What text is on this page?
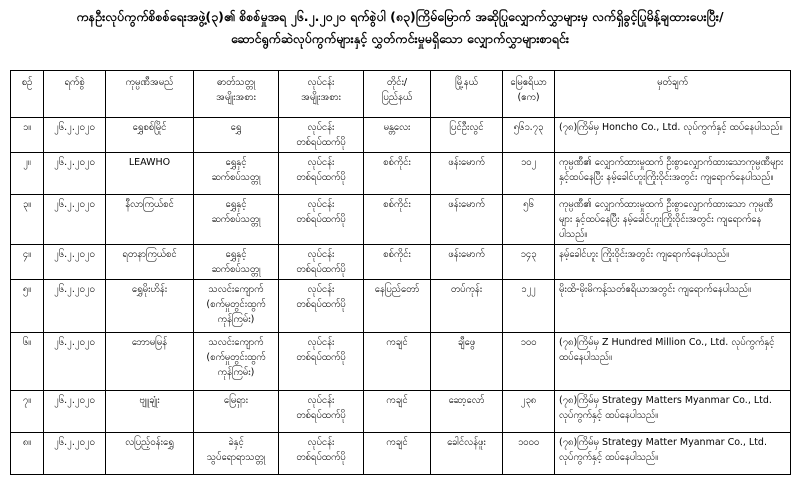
ကနဦးလုပ်ကွက်စိစစ်ရေးအဖွဲ့(၃)၏ စိစစ်မှုအရ ၂၆.၂.၂၀၂၀ ရက်စွဲပါ (၈၃)ကြိမ်မြောက် အဆိုပြုလျှောက်လွှာများမှ လက်ရှိခွင့်ပြုမိန့်ချထားပေးပြီး/
ဆောင်ရွက်ဆဲလုပ်ကွက်များနှင့် လွှတ်ကင်းမှုမရှိသော လျှောက်လွှာများစာရင်း
စဉ်	ရက်စွဲ	ကုမ္ပဏီအမည်	ဓာတ်သတ္တု
အမျိုးအစား	လုပ်ငန်း
အမျိုးအစား	တိုင်း/
ပြည်နယ်	မြို့နယ်	မြေဧရိယာ
(ဧက)	မှတ်ချက်
၁။	၂၆.၂.၂၀၂၀	ရွှေစစ်မြိုင်	ရွှေ	လုပ်ငန်း
တစ်ရပ်ထက်ပို	မန္တလေး	ပြင်ဦးလွင်	၅၆၁.၇၃	(၇၈)ကြိမ်မှ Honcho Co., Ltd. လုပ်ကွက်နှင့် ထပ်နေပါသည်။
၂။	၂၆.၂.၂၀၂၀	LEAWHO	ရွှေနှင့်
ဆက်စပ်သတ္တု	လုပ်ငန်း
တစ်ရပ်ထက်ပို	စစ်ကိုင်း	ဖန်းမောက်	၁၀၂	ကုမ္ပဏီ၏ လျှောက်ထားမှုထက် ဦးစွာလျှောက်ထားသောကုမ္ပဏီများ နှင့်ထပ်နေပြီး နမ့်ခေါင်ဟူးကြိုးဝိုင်းအတွင်း ကျရောက်နေပါသည်။
၃။	၂၆.၂.၂၀၂၀	နီလာကြယ်စင်	ရွှေနှင့်
ဆက်စပ်သတ္တု	လုပ်ငန်း
တစ်ရပ်ထက်ပို	စစ်ကိုင်း	ဖန်းမောက်	၅၆	ကုမ္ပဏီ၏ လျှောက်ထားမှုထက် ဦးစွာလျှောက်ထားသော ကုမ္ပဏီများ နှင့်ထပ်နေပြီး နမ့်ခေါင်ဟူးကြိုးဝိုင်းအတွင်း ကျရောက်နေပါသည်။
၄။	၂၆.၂.၂၀၂၀	ရတနာကြယ်စင်	ရွှေနှင့်
ဆက်စပ်သတ္တု	လုပ်ငန်း
တစ်ရပ်ထက်ပို	စစ်ကိုင်း	ဖန်းမောက်	၁၄၃	နမ့်ခေါင်ဟူး ကြိုးဝိုင်းအတွင်း ကျရောက်နေပါသည်။
၅။	၂၆.၂.၂၀၂၀	ရွှေမိုးဟိန်း	သလင်းကျောက်
(စက်မှုတွင်းထွက်
ကုန်ကြမ်း)	လုပ်ငန်း
တစ်ရပ်ထက်ပို	နေပြည်တော်	တပ်ကုန်း	၁၂၂	မိုးထိ-မိုးမိကန့်သတ်ဧရိယာအတွင်း ကျရောက်နေပါသည်။
၆။	၂၆.၂.၂၀၂၀	ဘောမမြန်	သလင်းကျောက်
(စက်မှုတွင်းထွက်
ကုန်ကြမ်း)	လုပ်ငန်း
တစ်ရပ်ထက်ပို	ကချင်	ချီဖွေ	၁၀၀	(၇၈)ကြိမ်မှ Z Hundred Million Co., Ltd. လုပ်ကွက်နှင့် ထပ်နေပါသည်။
၇။	၂၆.၂.၂၀၂၀	ဗျူချုံး	မြေရှား	လုပ်ငန်း
တစ်ရပ်ထက်ပို	ကချင်	ဆော့လော်	၂၃၈	(၇၈)ကြိမ်မှ Strategy Matters Myanmar Co., Ltd. လုပ်ကွက်နှင့် ထပ်နေပါသည်။
၈။	၂၆.၂.၂၀၂၀	လပြည့်ဝန်းရွှေ	ခဲနှင့်
သွပ်ရောရာသတ္တု	လုပ်ငန်း
တစ်ရပ်ထက်ပို	ကချင်	ခေါင်လန်ဖူး	၁၀၀၀	(၇၈)ကြိမ်မှ Strategy Matter Myanmar Co., Ltd. လုပ်ကွက်နှင့် ထပ်နေပါသည်။
